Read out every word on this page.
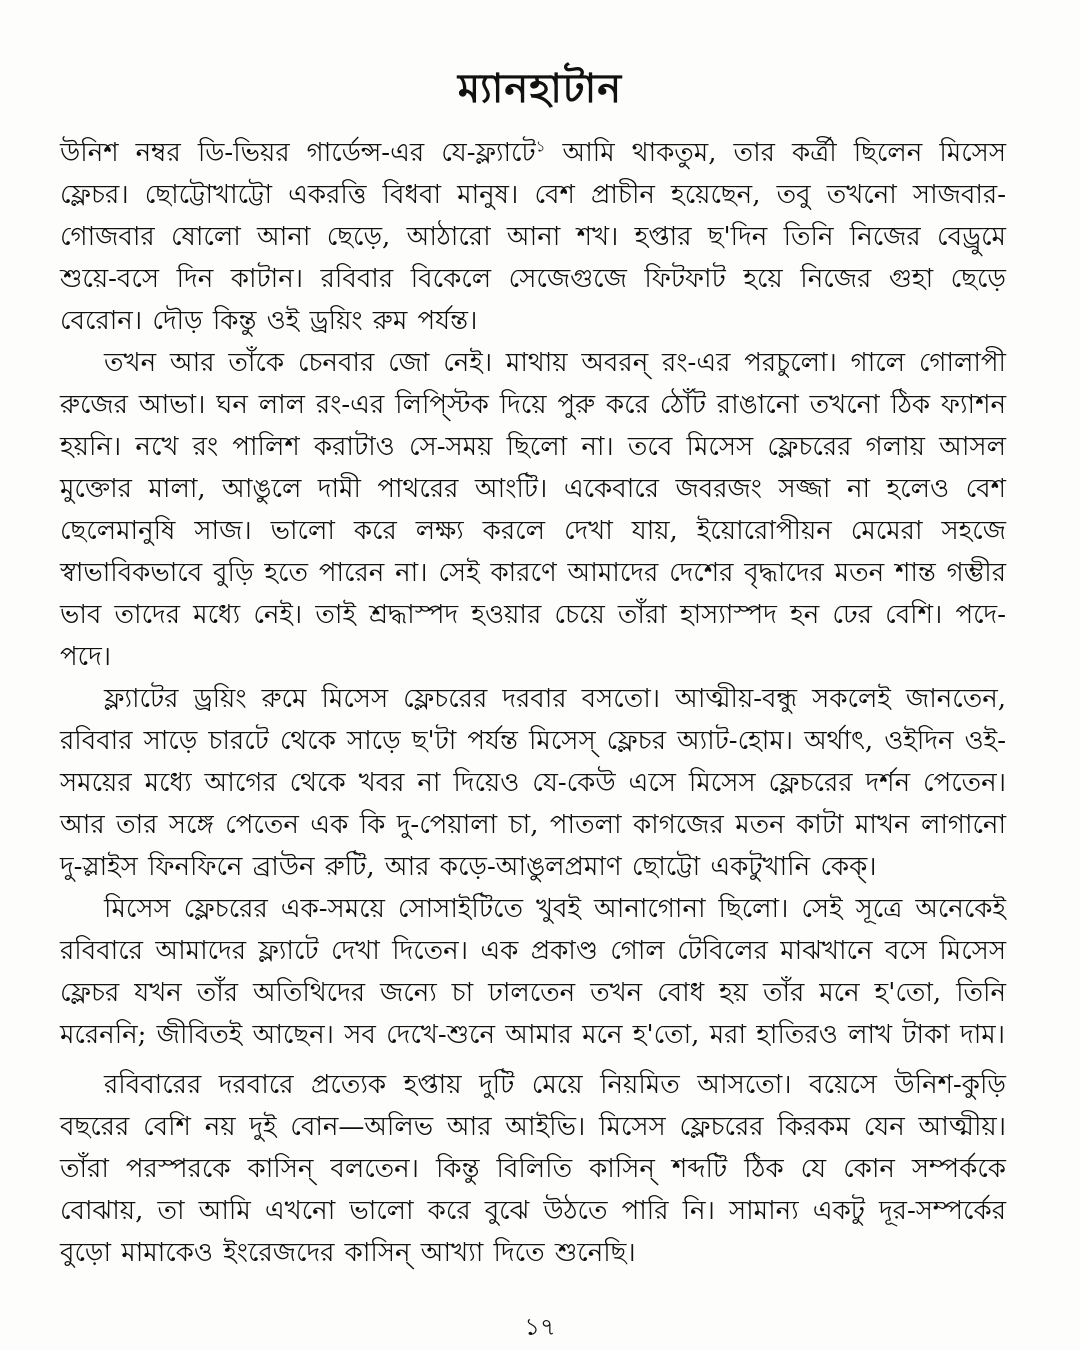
ম্যানহাটান

উনিশ নম্বর ডি-ভিয়র গার্ডেন্স-এর যে-ফ্ল্যাটে$^১$ আমি থাকতুম, তার কর্ত্রী ছিলেন মিসেস ফ্লেচর। ছোট্টোখাট্টো একরত্তি বিধবা মানুষ। বেশ প্রাচীন হয়েছেন, তবু তখনো সাজবার-গোজবার ষোলো আনা ছেড়ে, আঠারো আনা শখ। হপ্তার ছ'দিন তিনি নিজের বেড্রুমে শুয়ে-বসে দিন কাটান। রবিবার বিকেলে সেজেগুজে ফিটফাট হয়ে নিজের গুহা ছেড়ে বেরোন। দৌড় কিন্তু ওই ড্রয়িং রুম পর্যন্ত।

তখন আর তাঁকে চেনবার জো নেই। মাথায় অবরন্ রং-এর পরচুলো। গালে গোলাপী রুজের আভা। ঘন লাল রং-এর লিপ্স্টিক দিয়ে পুরু করে ঠোঁট রাঙানো তখনো ঠিক ফ্যাশন হয়নি। নখে রং পালিশ করাটাও সে-সময় ছিলো না। তবে মিসেস ফ্লেচরের গলায় আসল মুক্তোর মালা, আঙুলে দামী পাথরের আংটি। একেবারে জবরজং সজ্জা না হলেও বেশ ছেলেমানুষি সাজ। ভালো করে লক্ষ্য করলে দেখা যায়, ইয়োরোপীয়ন মেমেরা সহজে স্বাভাবিকভাবে বুড়ি হতে পারেন না। সেই কারণে আমাদের দেশের বৃদ্ধাদের মতন শান্ত গম্ভীর ভাব তাদের মধ্যে নেই। তাই শ্রদ্ধাস্পদ হওয়ার চেয়ে তাঁরা হাস্যাস্পদ হন ঢের বেশি। পদে-পদে।

ফ্ল্যাটের ড্রয়িং রুমে মিসেস ফ্লেচরের দরবার বসতো। আত্মীয়-বন্ধু সকলেই জানতেন, রবিবার সাড়ে চারটে থেকে সাড়ে ছ'টা পর্যন্ত মিসেস্ ফ্লেচর অ্যাট-হোম। অর্থাৎ, ওইদিন ওই-সময়ের মধ্যে আগের থেকে খবর না দিয়েও যে-কেউ এসে মিসেস ফ্লেচরের দর্শন পেতেন। আর তার সঙ্গে পেতেন এক কি দু-পেয়ালা চা, পাতলা কাগজের মতন কাটা মাখন লাগানো দু-স্লাইস ফিনফিনে ব্রাউন রুটি, আর কড়ে-আঙুলপ্রমাণ ছোট্টো একটুখানি কেক্।

মিসেস ফ্লেচরের এক-সময়ে সোসাইটিতে খুবই আনাগোনা ছিলো। সেই সূত্রে অনেকেই রবিবারে আমাদের ফ্ল্যাটে দেখা দিতেন। এক প্রকাণ্ড গোল টেবিলের মাঝখানে বসে মিসেস ফ্লেচর যখন তাঁর অতিথিদের জন্যে চা ঢালতেন তখন বোধ হয় তাঁর মনে হ'তো, তিনি মরেননি; জীবিতই আছেন। সব দেখে-শুনে আমার মনে হ'তো, মরা হাতিরও লাখ টাকা দাম।

রবিবারের দরবারে প্রত্যেক হপ্তায় দুটি মেয়ে নিয়মিত আসতো। বয়েসে উনিশ-কুড়ি বছরের বেশি নয় দুই বোন—অলিভ আর আইভি। মিসেস ফ্লেচরের কিরকম যেন আত্মীয়। তাঁরা পরস্পরকে কাসিন্ বলতেন। কিন্তু বিলিতি কাসিন্ শব্দটি ঠিক যে কোন সম্পর্ককে বোঝায়, তা আমি এখনো ভালো করে বুঝে উঠতে পারি নি। সামান্য একটু দূর-সম্পর্কের বুড়ো মামাকেও ইংরেজদের কাসিন্ আখ্যা দিতে শুনেছি।

১৭
